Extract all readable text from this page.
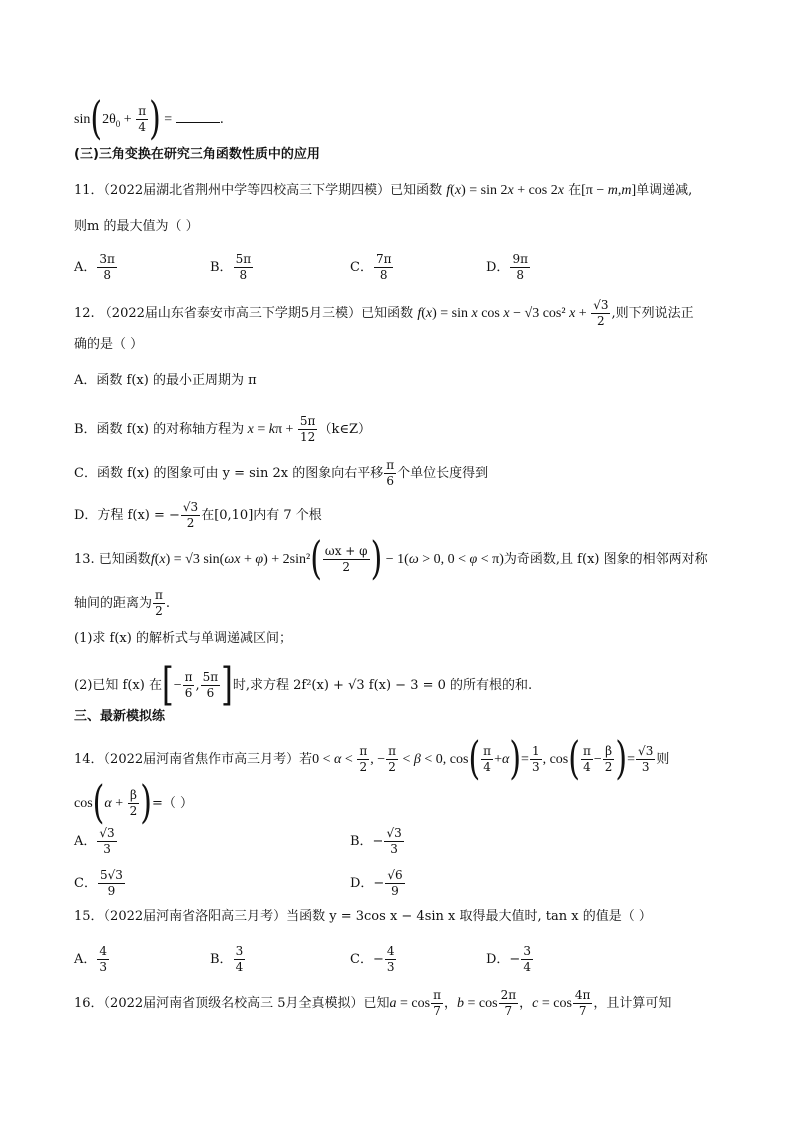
$\sin(2\theta_0 + \frac{\pi}{4}$ ) =	.
(三)三角变换在研究三角函数性质中的应用
11．（2022届湖北省荆州中学等四校高三下学期四模）已知函数 f(x) = sin 2x + cos 2x 在[π − m,m]单调递减,
则m 的最大值为（ ）
A． $\frac{3\pi}{8}$	B． $\frac{5\pi}{8}$	C． $\frac{7\pi}{8}$	D． $\frac{9\pi}{8}$
12. （2022届山东省泰安市高三下学期5月三模）已知函数 f(x) = sin x cos x − √3 cos² $x + \frac{√3}{2}$ ,则下列说法正
确的是（ ）
A．函数 f(x) 的最小正周期为 π
B．函数 f(x) 的对称轴方程为 $x = k\pi + \frac{5\pi}{12}$ （k∈Z）
C．函数 f(x) 的图象可由 y = sin 2x 的图象向右平移 $\frac{\pi}{6}$ 个单位长度得到
D．方程 f(x) = − $\frac{√3}{2}$ 在[0,10]内有 7 个根
13. 已知函数f(x) = √3 $\sin(\omega x + \varphi) + 2\sin^2( \frac{\omega x + \varphi}{2}$ ) − 1(ω > 0, 0 < φ < π)为奇函数,且 f(x) 图象的相邻两对称
轴间的距离为 $\frac{\pi}{2}$ .
(1)求 f(x) 的解析式与单调递减区间；
(2)已知 f(x) 在[− $\frac{\pi}{6}$ , $\frac{5\pi}{6}$ ]时,求方程 2f²(x) + √3 f(x) − 3 = 0 的所有根的和.
三、最新模拟练
14．（2022届河南省焦作市高三月考）若$0 < \alpha < \frac{\pi}{2}$ , − $\frac{\pi}{2} < \beta < 0$, $\cos( \frac{\pi}{4} +\alpha)= \frac{1}{3}$ , $\cos( \frac{\pi}{4} - \frac{\beta}{2}$ )= $\frac{√3}{3}$ 则
$\cos(\alpha + \frac{\beta}{2}$ )=（ ）
A． $\frac{√3}{3}$	B．− $\frac{√3}{3}$
C． $\frac{5√3}{9}$	D．− $\frac{√6}{9}$
15．（2022届河南省洛阳高三月考）当函数 y = 3cos x − 4sin x 取得最大值时, tan x 的值是（ ）
A． $\frac{4}{3}$	B． $\frac{3}{4}$	C．− $\frac{4}{3}$	D．− $\frac{3}{4}$
16．（2022届河南省顶级名校高三 5月全真模拟）已知$a = \cos \frac{\pi}{7}$ ，$b = \cos \frac{2\pi}{7}$ ，$c = \cos \frac{4\pi}{7}$ ，且计算可知
